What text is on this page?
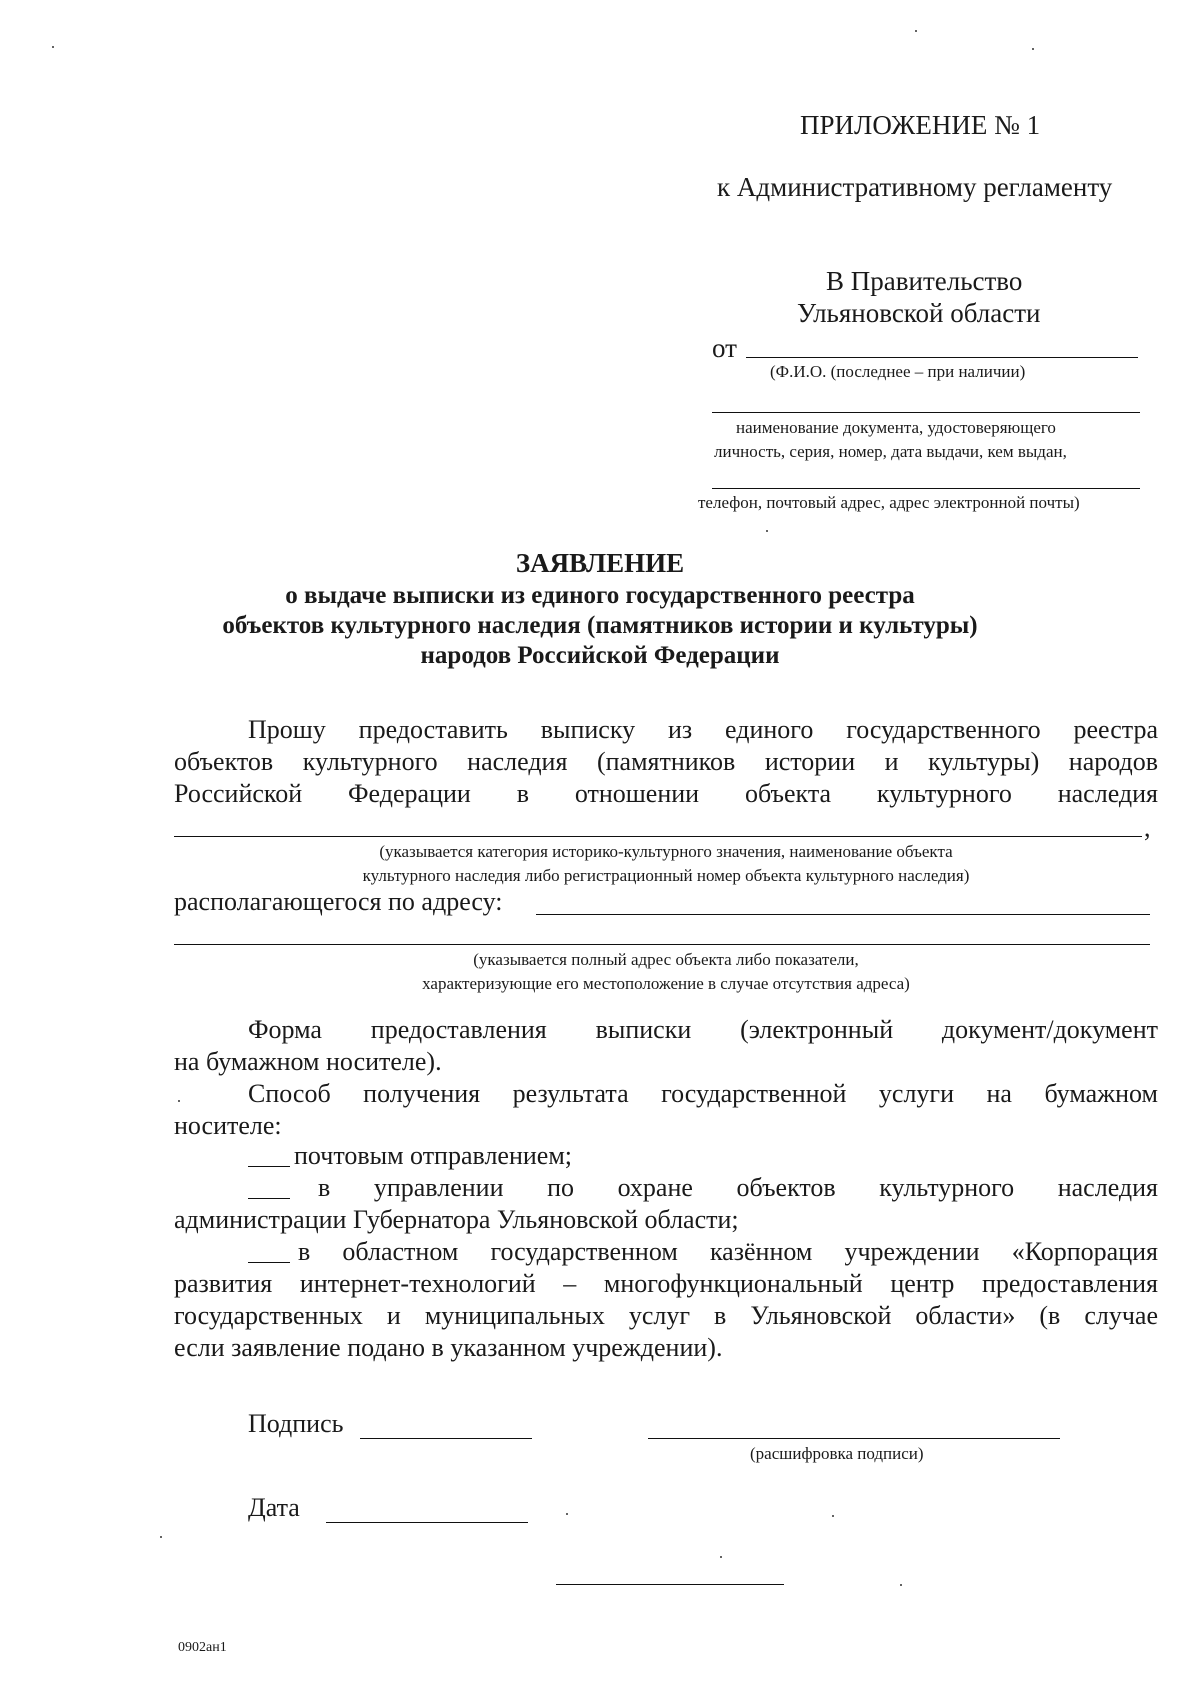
ПРИЛОЖЕНИЕ № 1
к Административному регламенту
В Правительство
Ульяновской области
от
(Ф.И.О. (последнее – при наличии)
наименование документа, удостоверяющего
личность, серия, номер, дата выдачи, кем выдан,
телефон, почтовый адрес, адрес электронной почты)
ЗАЯВЛЕНИЕ
о выдаче выписки из единого государственного реестра
объектов культурного наследия (памятников истории и культуры)
народов Российской Федерации
Прошу предоставить выписку из единого государственного реестра
объектов культурного наследия (памятников истории и культуры) народов
Российской Федерации в отношении объекта культурного наследия
,
(указывается категория историко-культурного значения, наименование объекта
культурного наследия либо регистрационный номер объекта культурного наследия)
располагающегося по адресу:
(указывается полный адрес объекта либо показатели,
характеризующие его местоположение в случае отсутствия адреса)
Форма предоставления выписки (электронный документ/документ
на бумажном носителе).
Способ получения результата государственной услуги на бумажном
носителе:
почтовым отправлением;
в управлении по охране объектов культурного наследия
администрации Губернатора Ульяновской области;
в областном государственном казённом учреждении «Корпорация
развития интернет-технологий – многофункциональный центр предоставления
государственных и муниципальных услуг в Ульяновской области» (в случае
если заявление подано в указанном учреждении).
Подпись
(расшифровка подписи)
Дата
0902ан1
